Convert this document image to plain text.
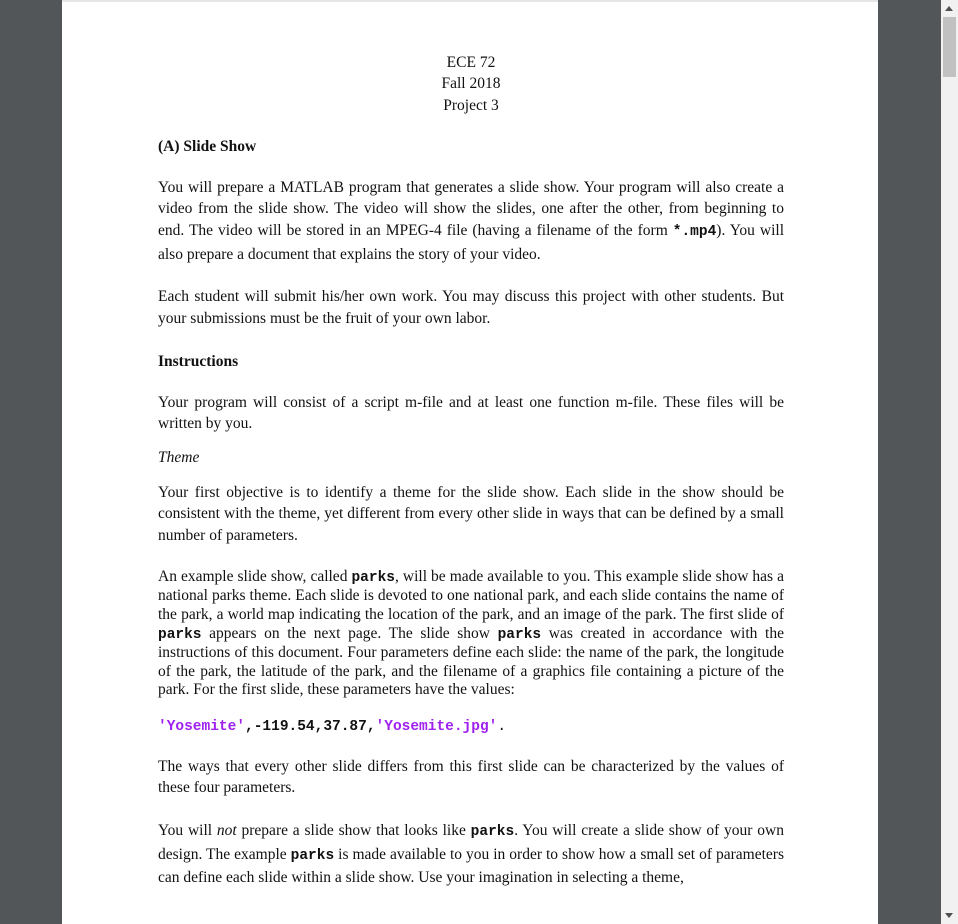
ECE 72
Fall 2018
Project 3

(A) Slide Show

You will prepare a MATLAB program that generates a slide show. Your program will also create a video from the slide show. The video will show the slides, one after the other, from beginning to end. The video will be stored in an MPEG-4 file (having a filename of the form *.mp4). You will also prepare a document that explains the story of your video.

Each student will submit his/her own work. You may discuss this project with other students. But your submissions must be the fruit of your own labor.

Instructions

Your program will consist of a script m-file and at least one function m-file. These files will be written by you.

Theme

Your first objective is to identify a theme for the slide show. Each slide in the show should be consistent with the theme, yet different from every other slide in ways that can be defined by a small number of parameters.

An example slide show, called parks, will be made available to you. This example slide show has a national parks theme. Each slide is devoted to one national park, and each slide contains the name of the park, a world map indicating the location of the park, and an image of the park. The first slide of parks appears on the next page. The slide show parks was created in accordance with the instructions of this document. Four parameters define each slide: the name of the park, the longitude of the park, the latitude of the park, and the filename of a graphics file containing a picture of the park. For the first slide, these parameters have the values:

'Yosemite',-119.54,37.87,'Yosemite.jpg'.

The ways that every other slide differs from this first slide can be characterized by the values of these four parameters.

You will not prepare a slide show that looks like parks. You will create a slide show of your own design. The example parks is made available to you in order to show how a small set of parameters can define each slide within a slide show. Use your imagination in selecting a theme,
